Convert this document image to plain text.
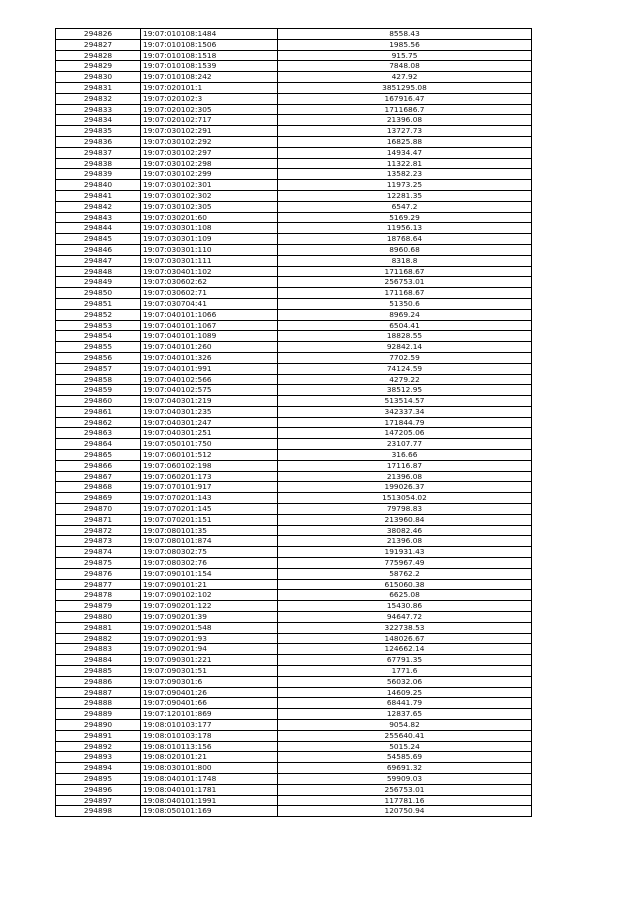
294826	19:07:010108:1484	8558.43
294827	19:07:010108:1506	1985.56
294828	19:07:010108:1518	915.75
294829	19:07:010108:1539	7848.08
294830	19:07:010108:242	427.92
294831	19:07:020101:1	3851295.08
294832	19:07:020102:3	167916.47
294833	19:07:020102:305	1711686.7
294834	19:07:020102:717	21396.08
294835	19:07:030102:291	13727.73
294836	19:07:030102:292	16825.88
294837	19:07:030102:297	14934.47
294838	19:07:030102:298	11322.81
294839	19:07:030102:299	13582.23
294840	19:07:030102:301	11973.25
294841	19:07:030102:302	12281.35
294842	19:07:030102:305	6547.2
294843	19:07:030201:60	5169.29
294844	19:07:030301:108	11956.13
294845	19:07:030301:109	18768.64
294846	19:07:030301:110	8960.68
294847	19:07:030301:111	8318.8
294848	19:07:030401:102	171168.67
294849	19:07:030602:62	256753.01
294850	19:07:030602:71	171168.67
294851	19:07:030704:41	51350.6
294852	19:07:040101:1066	8969.24
294853	19:07:040101:1067	6504.41
294854	19:07:040101:1089	18828.55
294855	19:07:040101:260	92842.14
294856	19:07:040101:326	7702.59
294857	19:07:040101:991	74124.59
294858	19:07:040102:566	4279.22
294859	19:07:040102:575	38512.95
294860	19:07:040301:219	513514.57
294861	19:07:040301:235	342337.34
294862	19:07:040301:247	171844.79
294863	19:07:040301:251	147205.06
294864	19:07:050101:750	23107.77
294865	19:07:060101:512	316.66
294866	19:07:060102:198	17116.87
294867	19:07:060201:173	21396.08
294868	19:07:070101:917	199026.37
294869	19:07:070201:143	1513054.02
294870	19:07:070201:145	79798.83
294871	19:07:070201:151	213960.84
294872	19:07:080101:35	38082.46
294873	19:07:080101:874	21396.08
294874	19:07:080302:75	191931.43
294875	19:07:080302:76	775967.49
294876	19:07:090101:154	58762.2
294877	19:07:090101:21	615060.38
294878	19:07:090102:102	6625.08
294879	19:07:090201:122	15430.86
294880	19:07:090201:39	94647.72
294881	19:07:090201:548	322738.53
294882	19:07:090201:93	148026.67
294883	19:07:090201:94	124662.14
294884	19:07:090301:221	67791.35
294885	19:07:090301:51	1771.6
294886	19:07:090301:6	56032.06
294887	19:07:090401:26	14609.25
294888	19:07:090401:66	68441.79
294889	19:07:120101:869	12837.65
294890	19:08:010103:177	9054.82
294891	19:08:010103:178	255640.41
294892	19:08:010113:156	5015.24
294893	19:08:020101:21	54585.69
294894	19:08:030101:800	69691.32
294895	19:08:040101:1748	59909.03
294896	19:08:040101:1781	256753.01
294897	19:08:040101:1991	117781.16
294898	19:08:050101:169	120750.94
